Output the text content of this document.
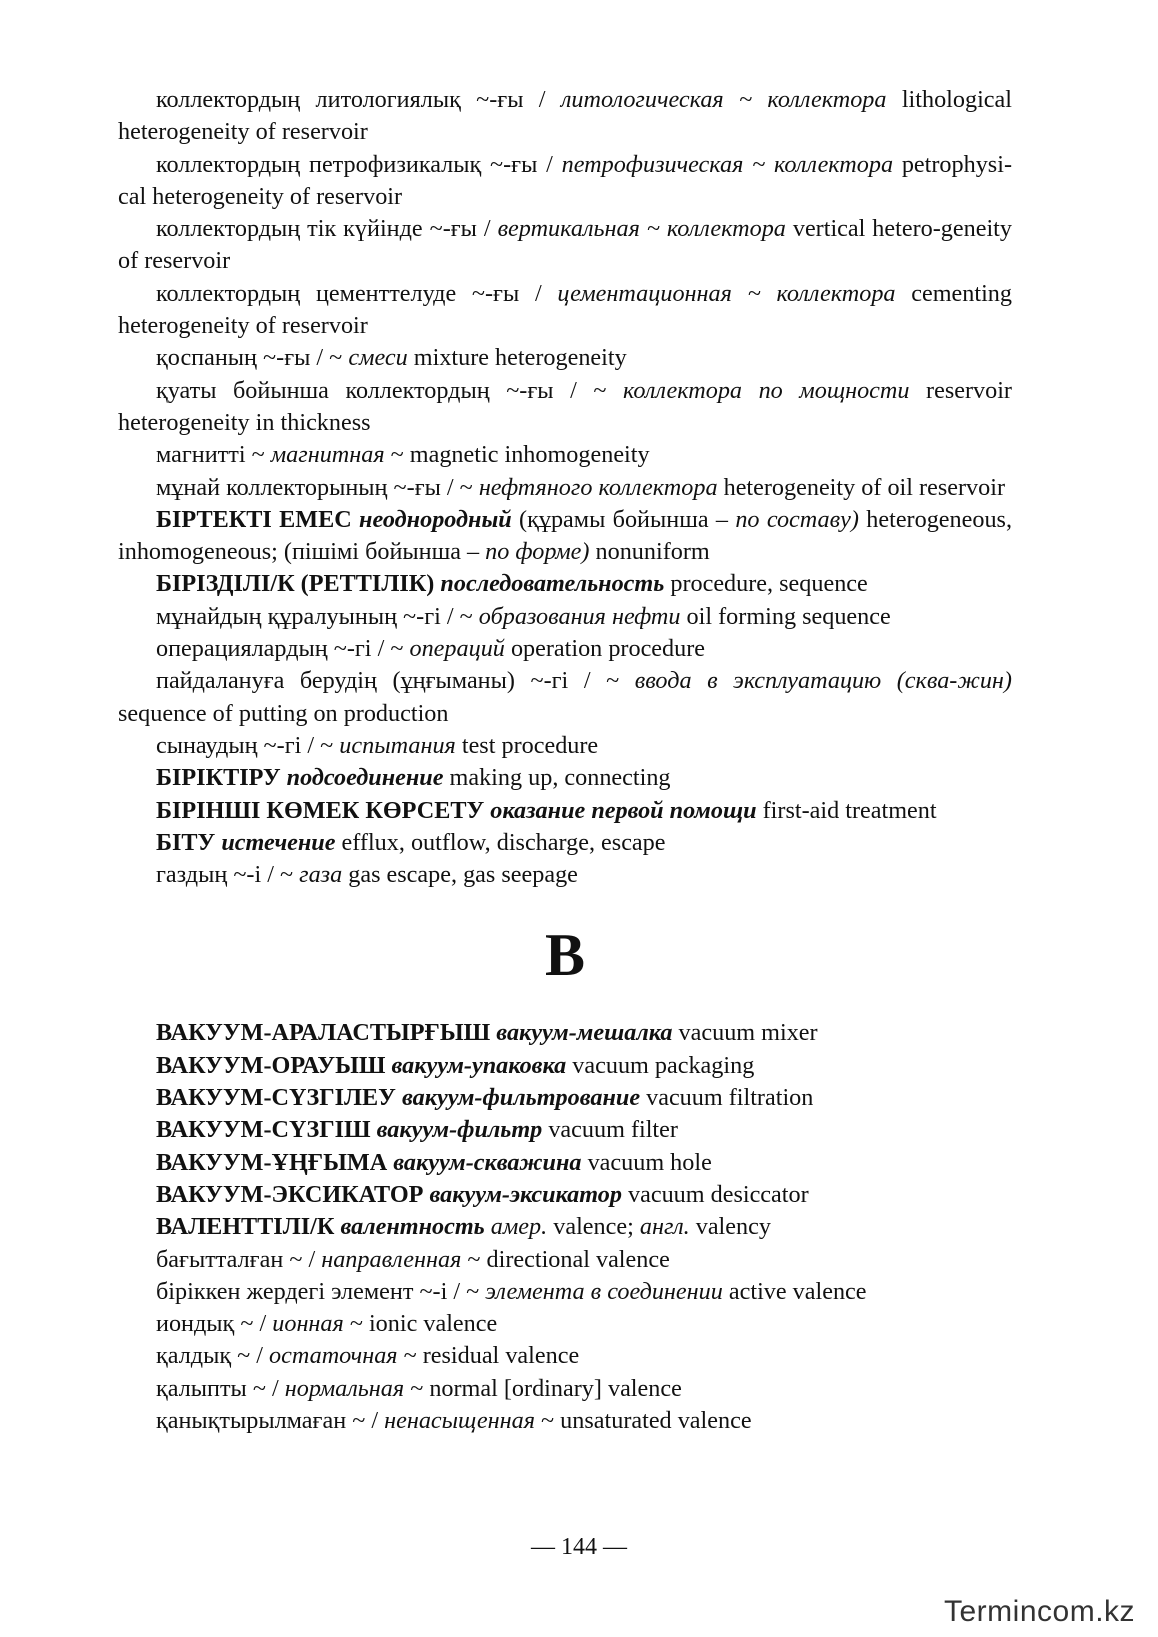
коллектордың литологиялық ~-ғы / литологическая ~ коллектора lithological heterogeneity of reservoir

коллектордың петрофизикалық ~-ғы / петрофизическая ~ коллектора petrophysi-cal heterogeneity of reservoir

коллектордың тік күйінде ~-ғы / вертикальная ~ коллектора vertical hetero-geneity of reservoir

коллектордың цементтелуде ~-ғы / цементационная ~ коллектора cementing heterogeneity of reservoir

қоспаның ~-ғы / ~ смеси mixture heterogeneity

қуаты бойынша коллектордың ~-ғы / ~ коллектора по мощности reservoir heterogeneity in thickness

магнитті ~ магнитная ~ magnetic inhomogeneity

мұнай коллекторының ~-ғы / ~ нефтяного коллектора heterogeneity of oil reservoir

БІРТЕКТІ ЕМЕС неоднородный (құрамы бойынша – по составу) heterogeneous, inhomogeneous; (пішімі бойынша – по форме) nonuniform

БІРІЗДІЛІ/К (РЕТТІЛІК) последовательность procedure, sequence

мұнайдың құралуының ~-гі / ~ образования нефти oil forming sequence

операциялардың ~-гі / ~ операций operation procedure

пайдалануға берудің (ұңғыманы) ~-гі / ~ ввода в эксплуатацию (сква-жин) sequence of putting on production

сынаудың ~-гі / ~ испытания test procedure

БІРІКТІРУ подсоединение making up, connecting

БІРІНШІ КӨМЕК КӨРСЕТУ оказание первой помощи first-aid treatment

БІТУ истечение efflux, outflow, discharge, escape

газдың ~-і / ~ газа gas escape, gas seepage

В

ВАКУУМ-АРАЛАСТЫРҒЫШ вакуум-мешалка vacuum mixer

ВАКУУМ-ОРАУЫШ вакуум-упаковка vacuum packaging

ВАКУУМ-СҮЗГІЛЕУ вакуум-фильтрование vacuum filtration

ВАКУУМ-СҮЗГІШ вакуум-фильтр vacuum filter

ВАКУУМ-ҰҢҒЫМА вакуум-скважина vacuum hole

ВАКУУМ-ЭКСИКАТОР вакуум-эксикатор vacuum desiccator

ВАЛЕНТТІЛІ/К валентность амер. valence; англ. valency

бағытталған ~ / направленная ~ directional valence

біріккен жердегі элемент ~-і / ~ элемента в соединении active valence

иондық ~ / ионная ~ ionic valence

қалдық ~ / остаточная ~ residual valence

қалыпты ~ / нормальная ~ normal [ordinary] valence

қанықтырылмаған ~ / ненасыщенная ~ unsaturated valence

— 144 —
Termincom.kz
